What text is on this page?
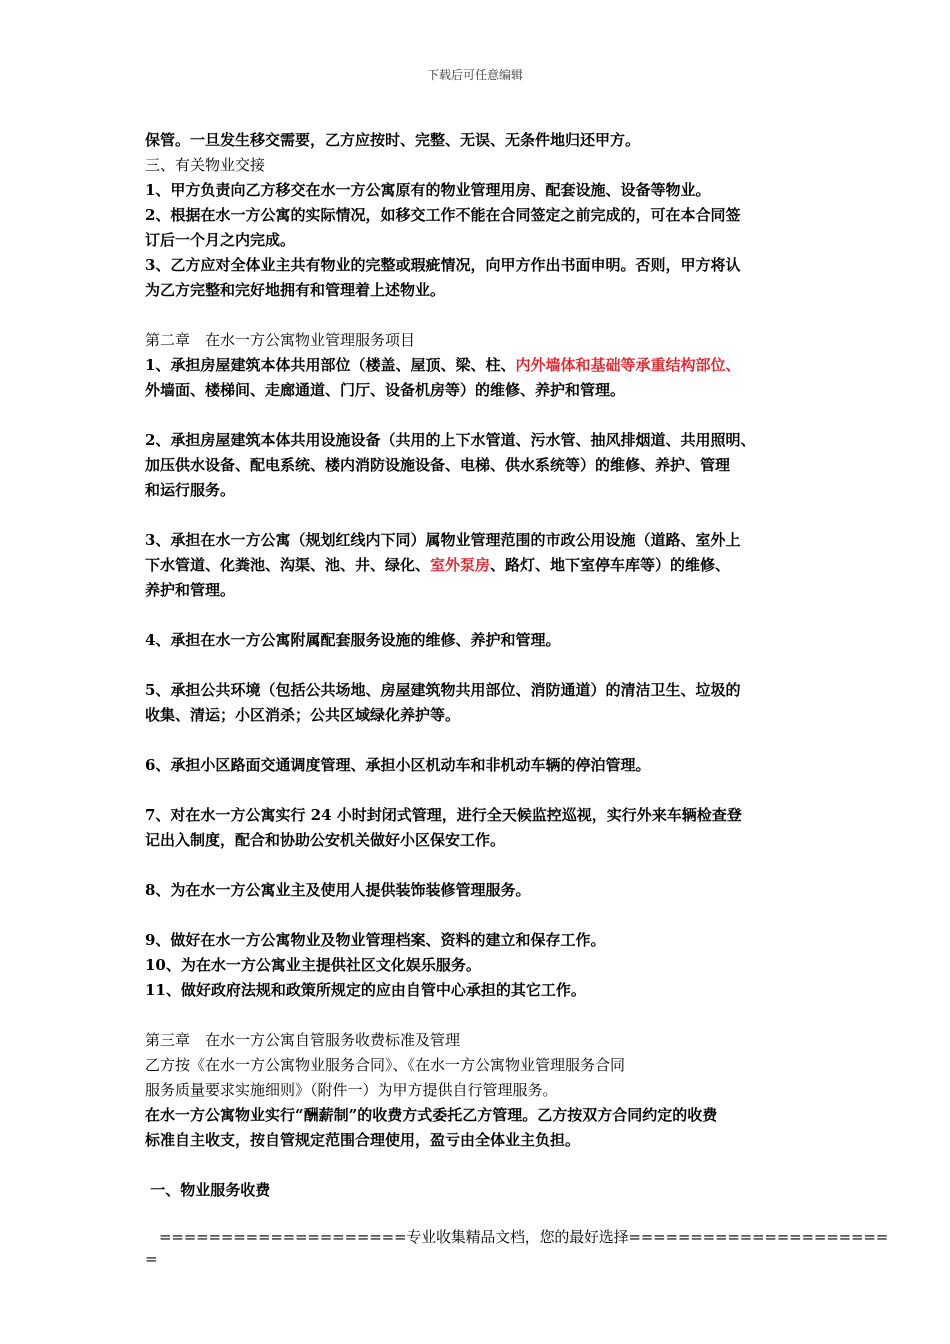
下载后可任意编辑
保管。一旦发生移交需要，乙方应按时、完整、无误、无条件地归还甲方。
三、有关物业交接
1、甲方负责向乙方移交在水一方公寓原有的物业管理用房、配套设施、设备等物业。
2、根据在水一方公寓的实际情况，如移交工作不能在合同签定之前完成的，可在本合同签
订后一个月之内完成。
3、乙方应对全体业主共有物业的完整或瑕疵情况，向甲方作出书面申明。否则，甲方将认
为乙方完整和完好地拥有和管理着上述物业。
第二章　在水一方公寓物业管理服务项目
1、承担房屋建筑本体共用部位（楼盖、屋顶、梁、柱、内外墙体和基础等承重结构部位、
外墙面、楼梯间、走廊通道、门厅、设备机房等）的维修、养护和管理。
2、承担房屋建筑本体共用设施设备（共用的上下水管道、污水管、抽风排烟道、共用照明、
加压供水设备、配电系统、楼内消防设施设备、电梯、供水系统等）的维修、养护、管理
和运行服务。
3、承担在水一方公寓（规划红线内下同）属物业管理范围的市政公用设施（道路、室外上
下水管道、化粪池、沟渠、池、井、绿化、室外泵房、路灯、地下室停车库等）的维修、
养护和管理。
4、承担在水一方公寓附属配套服务设施的维修、养护和管理。
5、承担公共环境（包括公共场地、房屋建筑物共用部位、消防通道）的清洁卫生、垃圾的
收集、清运；小区消杀；公共区域绿化养护等。
6、承担小区路面交通调度管理、承担小区机动车和非机动车辆的停泊管理。
7、对在水一方公寓实行 24 小时封闭式管理，进行全天候监控巡视，实行外来车辆检查登
记出入制度，配合和协助公安机关做好小区保安工作。
8、为在水一方公寓业主及使用人提供装饰装修管理服务。
9、做好在水一方公寓物业及物业管理档案、资料的建立和保存工作。
10、为在水一方公寓业主提供社区文化娱乐服务。
11、做好政府法规和政策所规定的应由自管中心承担的其它工作。
第三章　在水一方公寓自管服务收费标准及管理
乙方按《在水一方公寓物业服务合同》、《在水一方公寓物业管理服务合同
服务质量要求实施细则》（附件一）为甲方提供自行管理服务。
在水一方公寓物业实行“酬薪制”的收费方式委托乙方管理。乙方按双方合同约定的收费
标准自主收支，按自管规定范围合理使用，盈亏由全体业主负担。
一、物业服务收费
====================专业收集精品文档，您的最好选择=====================
=
